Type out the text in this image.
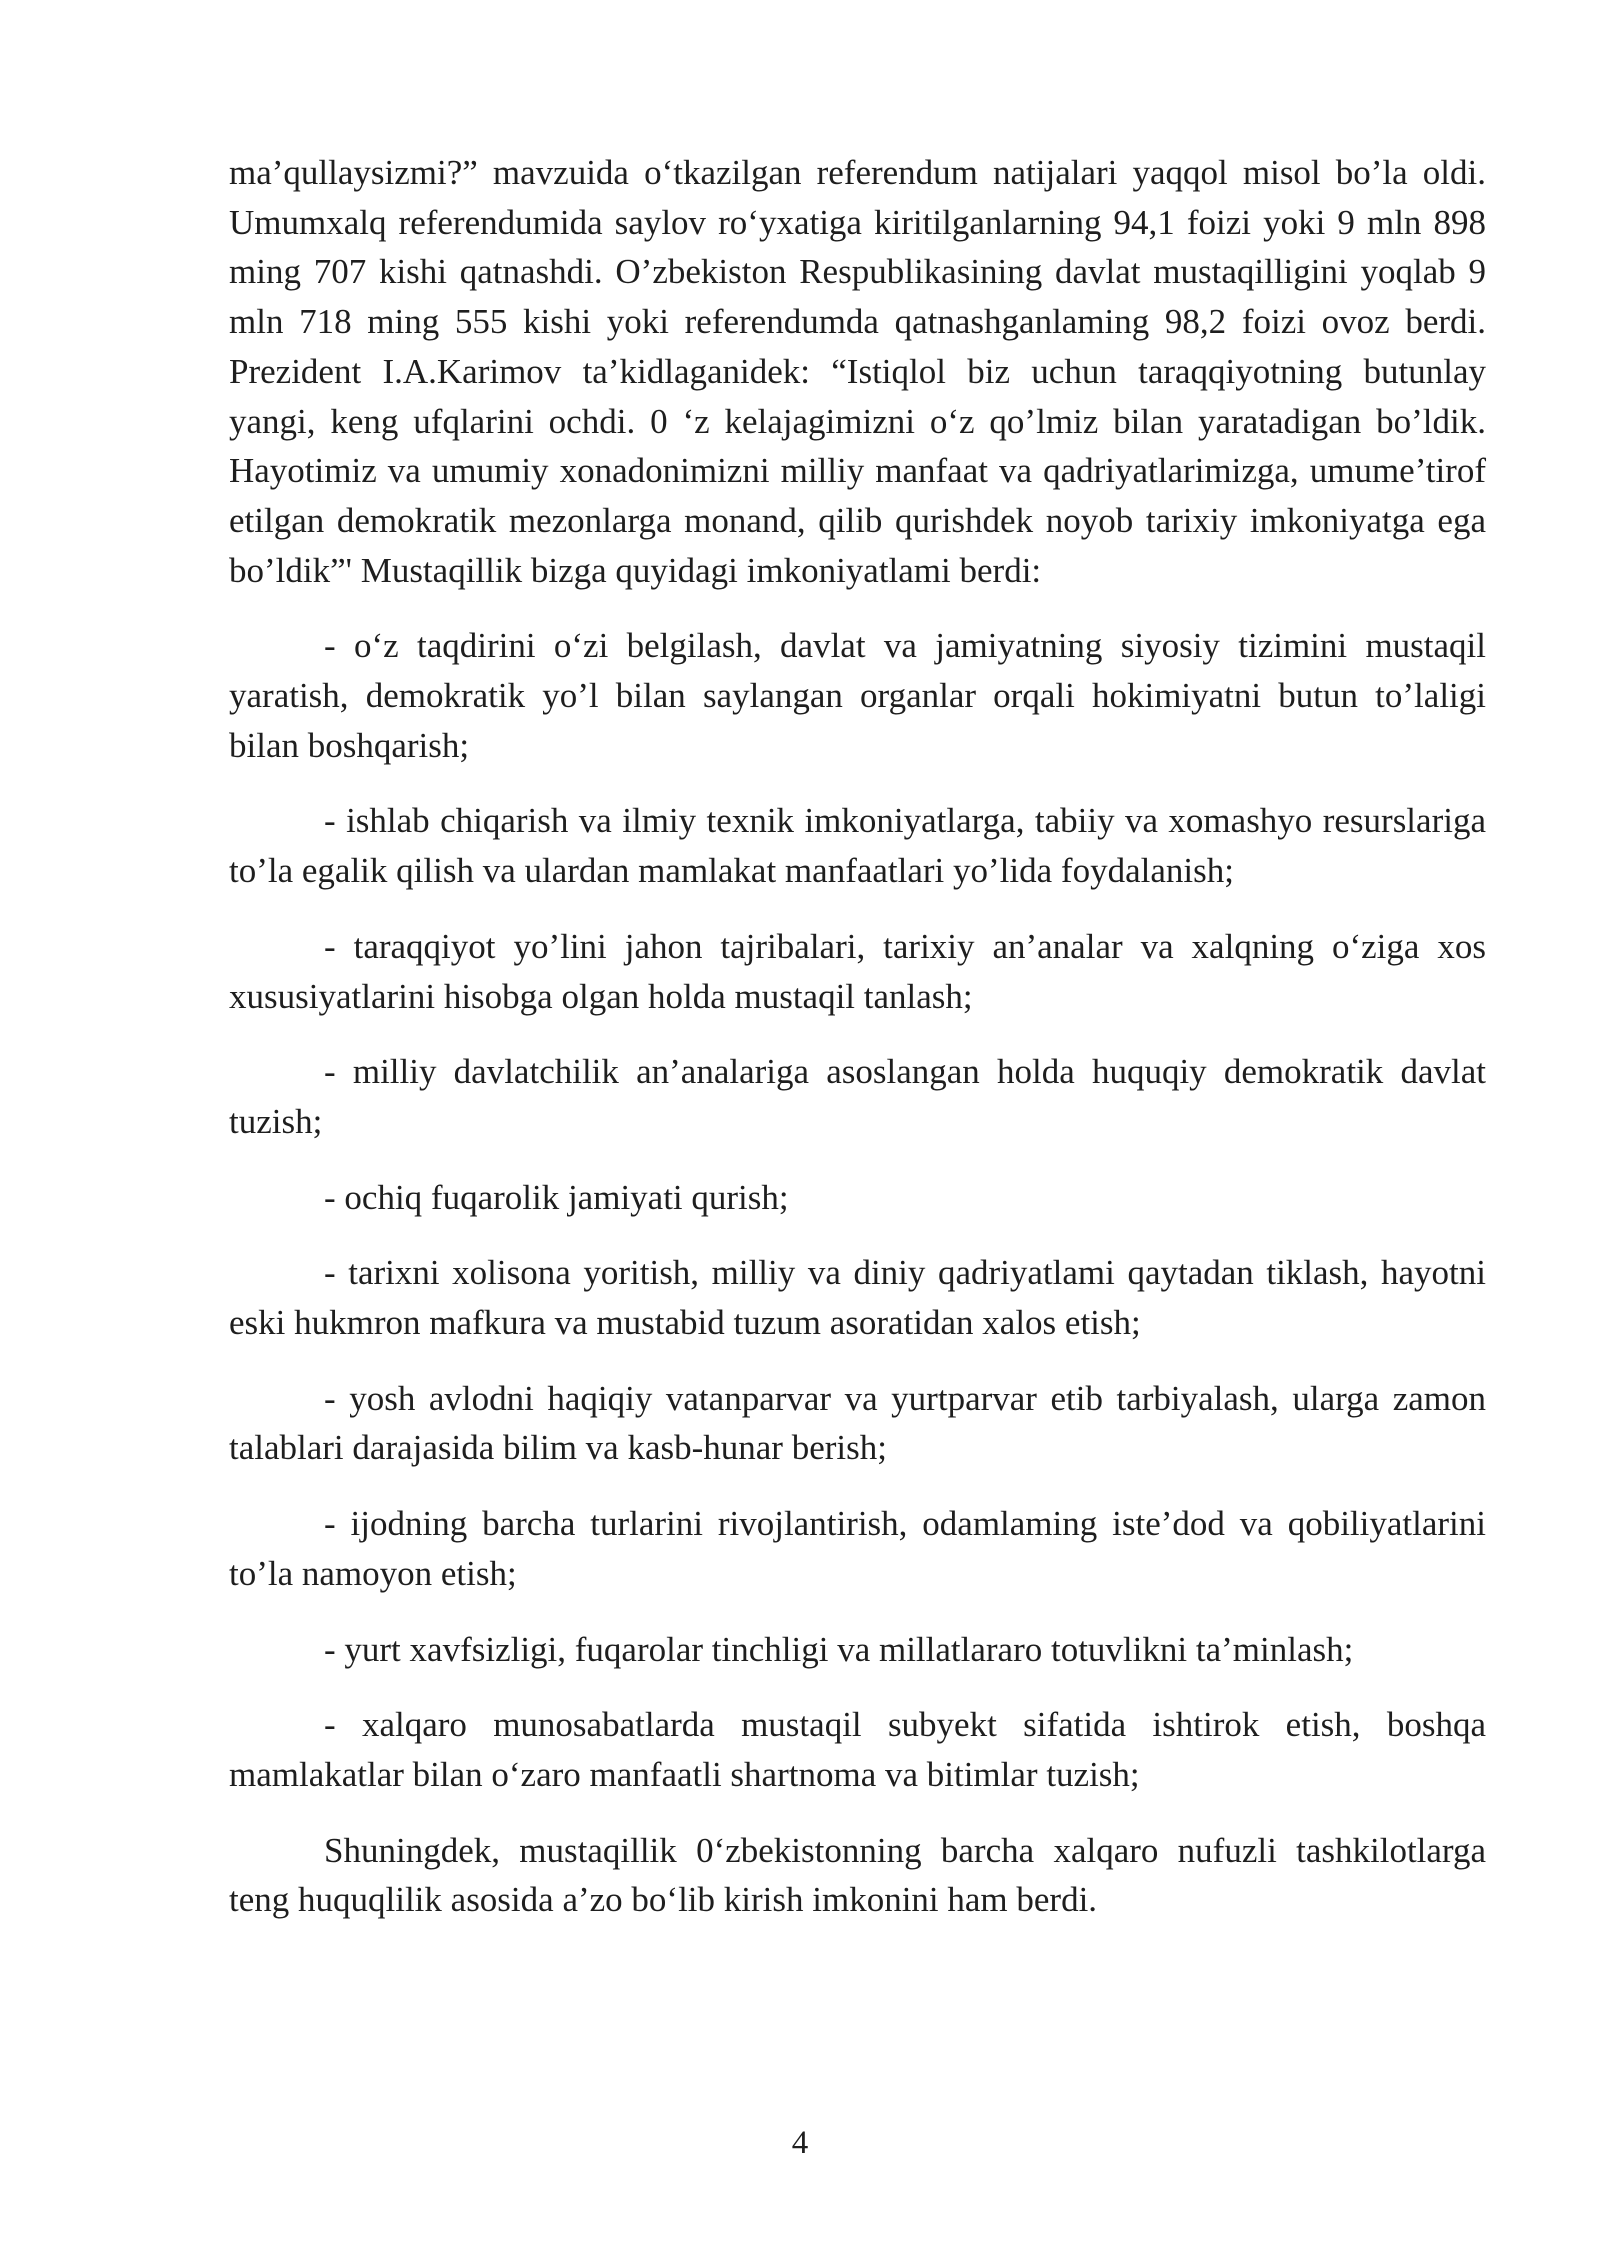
ma’qullaysizmi?” mavzuida o‘tkazilgan referendum natijalari yaqqol misol bo’la oldi. Umumxalq referendumida saylov ro‘yxatiga kiritilganlarning 94,1 foizi yoki 9 mln 898 ming 707 kishi qatnashdi. O’zbekiston Respublikasining davlat mustaqilligini yoqlab 9 mln 718 ming 555 kishi yoki referendumda qatnashganlaming 98,2 foizi ovoz berdi. Prezident I.A.Karimov ta’kidlaganidek: “Istiqlol biz uchun taraqqiyotning butunlay yangi, keng ufqlarini ochdi. 0 ‘z kelajagimizni o‘z qo’lmiz bilan yaratadigan bo’ldik. Hayotimiz va umumiy xonadonimizni milliy manfaat va qadriyatlarimizga, umume’tirof etilgan demokratik mezonlarga monand, qilib qurishdek noyob tarixiy imkoniyatga ega bo’ldik”' Mustaqillik bizga quyidagi imkoniyatlami berdi:

- o‘z taqdirini o‘zi belgilash, davlat va jamiyatning siyosiy tizimini mustaqil yaratish, demokratik yo’l bilan saylangan organlar orqali hokimiyatni butun to’laligi bilan boshqarish;

- ishlab chiqarish va ilmiy texnik imkoniyatlarga, tabiiy va xomashyo resurslariga to’la egalik qilish va ulardan mamlakat manfaatlari yo’lida foydalanish;

- taraqqiyot yo’lini jahon tajribalari, tarixiy an’analar va xalqning o‘ziga xos xususiyatlarini hisobga olgan holda mustaqil tanlash;

- milliy davlatchilik an’analariga asoslangan holda huquqiy demokratik davlat tuzish;

- ochiq fuqarolik jamiyati qurish;

- tarixni xolisona yoritish, milliy va diniy qadriyatlami qaytadan tiklash, hayotni eski hukmron mafkura va mustabid tuzum asoratidan xalos etish;

- yosh avlodni haqiqiy vatanparvar va yurtparvar etib tarbiyalash, ularga zamon talablari darajasida bilim va kasb-hunar berish;

- ijodning barcha turlarini rivojlantirish, odamlaming iste’dod va qobiliyatlarini to’la namoyon etish;

- yurt xavfsizligi, fuqarolar tinchligi va millatlararo totuvlikni ta’minlash;

- xalqaro munosabatlarda mustaqil subyekt sifatida ishtirok etish, boshqa mamlakatlar bilan o‘zaro manfaatli shartnoma va bitimlar tuzish;

Shuningdek, mustaqillik 0‘zbekistonning barcha xalqaro nufuzli tashkilotlarga teng huquqlilik asosida a’zo bo‘lib kirish imkonini ham berdi.

4
